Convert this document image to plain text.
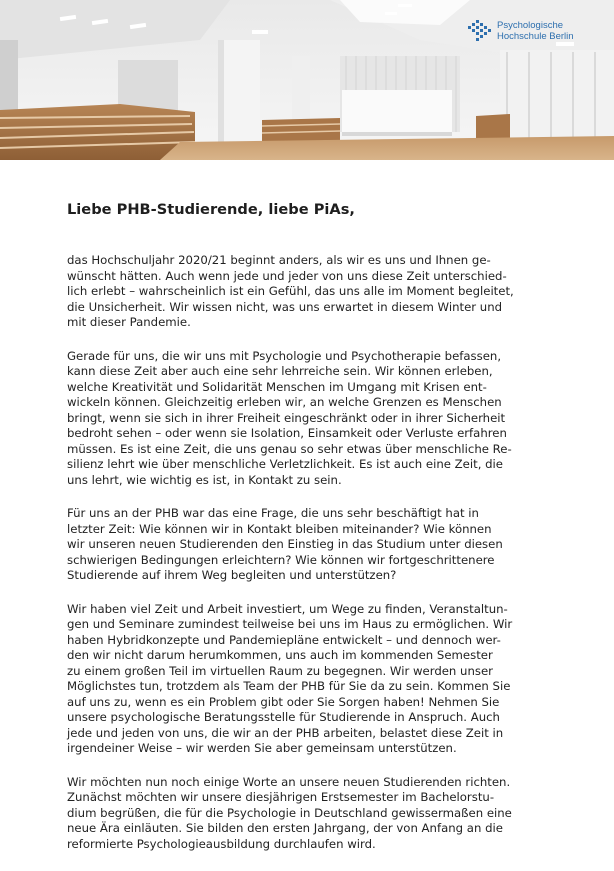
Psychologische
Hochschule Berlin
Liebe PHB-Studierende, liebe PiAs,
das Hochschuljahr 2020/21 beginnt anders, als wir es uns und Ihnen ge-
wünscht hätten. Auch wenn jede und jeder von uns diese Zeit unterschied-
lich erlebt – wahrscheinlich ist ein Gefühl, das uns alle im Moment begleitet,
die Unsicherheit. Wir wissen nicht, was uns erwartet in diesem Winter und
mit dieser Pandemie.
Gerade für uns, die wir uns mit Psychologie und Psychotherapie befassen,
kann diese Zeit aber auch eine sehr lehrreiche sein. Wir können erleben,
welche Kreativität und Solidarität Menschen im Umgang mit Krisen ent-
wickeln können. Gleichzeitig erleben wir, an welche Grenzen es Menschen
bringt, wenn sie sich in ihrer Freiheit eingeschränkt oder in ihrer Sicherheit
bedroht sehen – oder wenn sie Isolation, Einsamkeit oder Verluste erfahren
müssen. Es ist eine Zeit, die uns genau so sehr etwas über menschliche Re-
silienz lehrt wie über menschliche Verletzlichkeit. Es ist auch eine Zeit, die
uns lehrt, wie wichtig es ist, in Kontakt zu sein.
Für uns an der PHB war das eine Frage, die uns sehr beschäftigt hat in
letzter Zeit: Wie können wir in Kontakt bleiben miteinander? Wie können
wir unseren neuen Studierenden den Einstieg in das Studium unter diesen
schwierigen Bedingungen erleichtern? Wie können wir fortgeschrittenere
Studierende auf ihrem Weg begleiten und unterstützen?
Wir haben viel Zeit und Arbeit investiert, um Wege zu finden, Veranstaltun-
gen und Seminare zumindest teilweise bei uns im Haus zu ermöglichen. Wir
haben Hybridkonzepte und Pandemiepläne entwickelt – und dennoch wer-
den wir nicht darum herumkommen, uns auch im kommenden Semester
zu einem großen Teil im virtuellen Raum zu begegnen. Wir werden unser
Möglichstes tun, trotzdem als Team der PHB für Sie da zu sein. Kommen Sie
auf uns zu, wenn es ein Problem gibt oder Sie Sorgen haben! Nehmen Sie
unsere psychologische Beratungsstelle für Studierende in Anspruch. Auch
jede und jeden von uns, die wir an der PHB arbeiten, belastet diese Zeit in
irgendeiner Weise – wir werden Sie aber gemeinsam unterstützen.
Wir möchten nun noch einige Worte an unsere neuen Studierenden richten.
Zunächst möchten wir unsere diesjährigen Erstsemester im Bachelorstu-
dium begrüßen, die für die Psychologie in Deutschland gewissermaßen eine
neue Ära einläuten. Sie bilden den ersten Jahrgang, der von Anfang an die
reformierte Psychologieausbildung durchlaufen wird.
